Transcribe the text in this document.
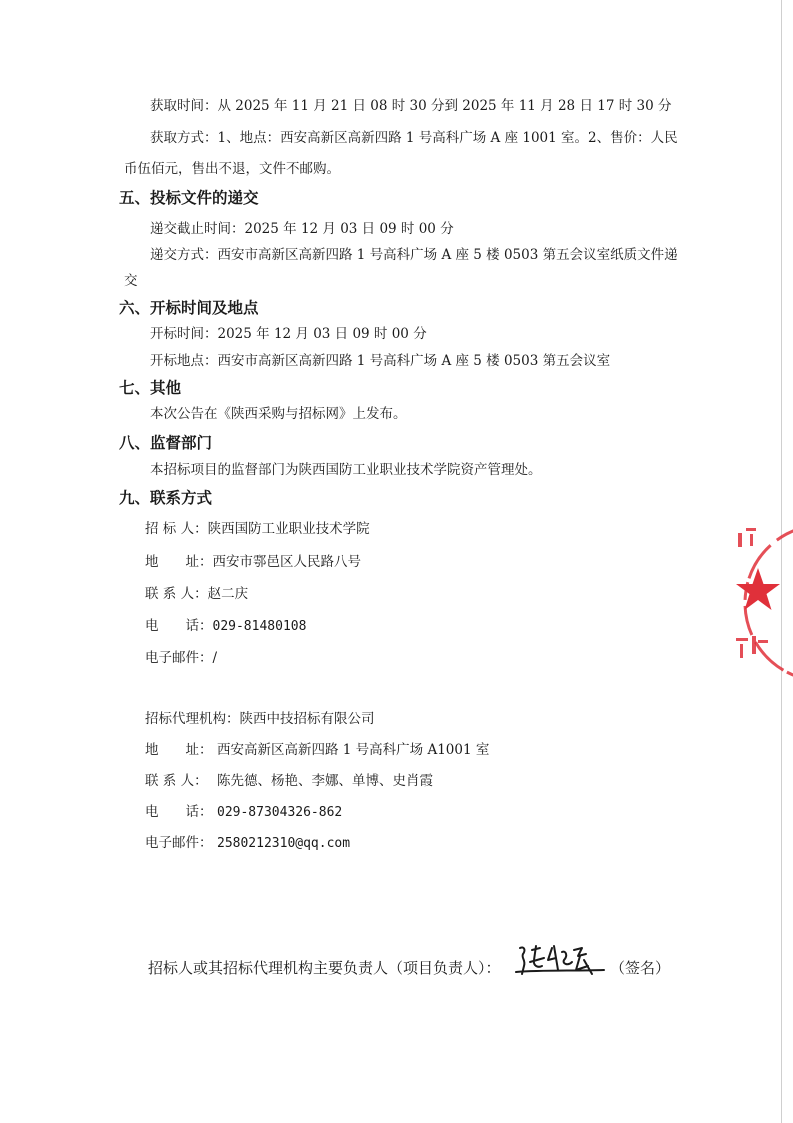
获取时间：从 2025 年 11 月 21 日 08 时 30 分到 2025 年 11 月 28 日 17 时 30 分
获取方式：1、地点：西安高新区高新四路 1 号高科广场 A 座 1001 室。2、售价：人民
币伍佰元，售出不退，文件不邮购。
五、投标文件的递交
递交截止时间：2025 年 12 月 03 日 09 时 00 分
递交方式：西安市高新区高新四路 1 号高科广场 A 座 5 楼 0503 第五会议室纸质文件递
交
六、开标时间及地点
开标时间：2025 年 12 月 03 日 09 时 00 分
开标地点：西安市高新区高新四路 1 号高科广场 A 座 5 楼 0503 第五会议室
七、其他
本次公告在《陕西采购与招标网》上发布。
八、监督部门
本招标项目的监督部门为陕西国防工业职业技术学院资产管理处。
九、联系方式
招 标 人：陕西国防工业职业技术学院
地　　址：西安市鄠邑区人民路八号
联 系 人：赵二庆
电　　话：029-81480108
电子邮件：/
招标代理机构：陕西中技招标有限公司
地　　址： 西安高新区高新四路 1 号高科广场 A1001 室
联 系 人： 陈先德、杨艳、李娜、单博、史肖霞
电　　话： 029-87304326-862
电子邮件： 2580212310@qq.com
招标人或其招标代理机构主要负责人（项目负责人）：	（签名）
